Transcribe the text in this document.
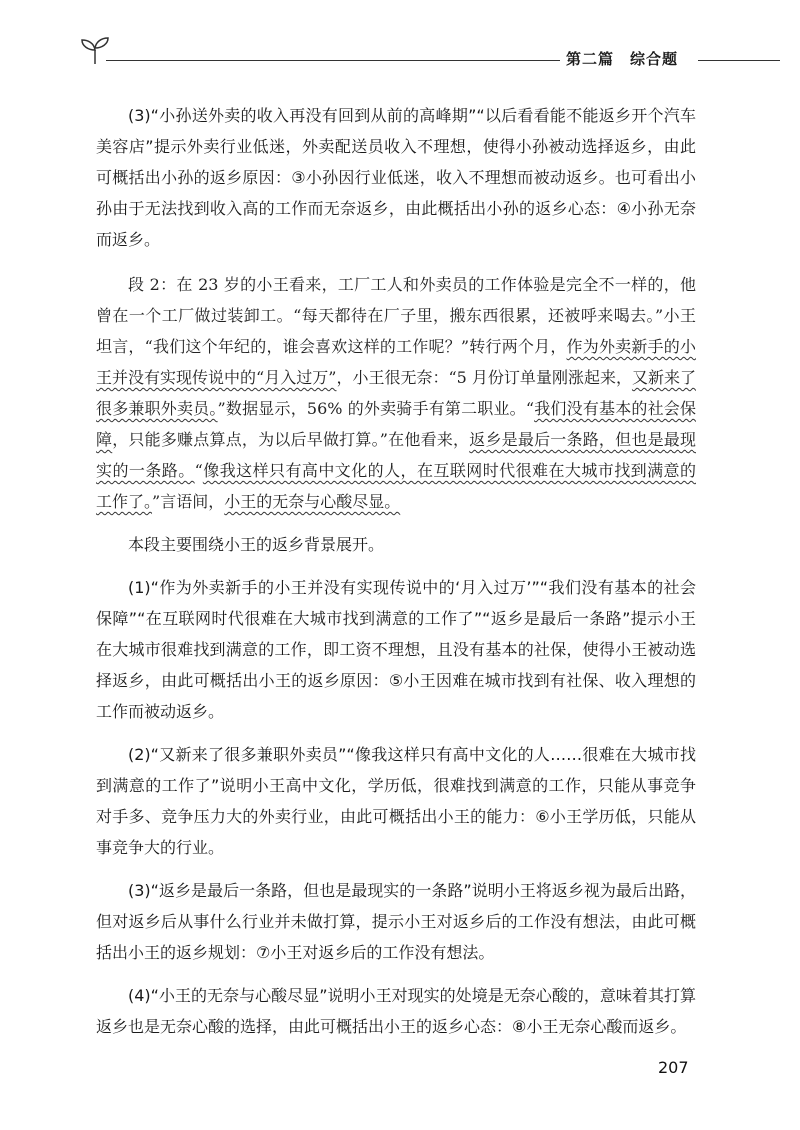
第二篇　综合题

(3)“小孙送外卖的收入再没有回到从前的高峰期”“以后看看能不能返乡开个汽车美容店”提示外卖行业低迷，外卖配送员收入不理想，使得小孙被动选择返乡，由此可概括出小孙的返乡原因：③小孙因行业低迷，收入不理想而被动返乡。也可看出小孙由于无法找到收入高的工作而无奈返乡，由此概括出小孙的返乡心态：④小孙无奈而返乡。

段 2：在 23 岁的小王看来，工厂工人和外卖员的工作体验是完全不一样的，他曾在一个工厂做过装卸工。“每天都待在厂子里，搬东西很累，还被呼来喝去。”小王坦言，“我们这个年纪的，谁会喜欢这样的工作呢？”转行两个月，作为外卖新手的小王并没有实现传说中的“月入过万”，小王很无奈：“5 月份订单量刚涨起来，又新来了很多兼职外卖员。”数据显示，56% 的外卖骑手有第二职业。“我们没有基本的社会保障，只能多赚点算点，为以后早做打算。”在他看来，返乡是最后一条路，但也是最现实的一条路。“像我这样只有高中文化的人，在互联网时代很难在大城市找到满意的工作了。”言语间，小王的无奈与心酸尽显。

本段主要围绕小王的返乡背景展开。

(1)“作为外卖新手的小王并没有实现传说中的‘月入过万’”“我们没有基本的社会保障”“在互联网时代很难在大城市找到满意的工作了”“返乡是最后一条路”提示小王在大城市很难找到满意的工作，即工资不理想，且没有基本的社保，使得小王被动选择返乡，由此可概括出小王的返乡原因：⑤小王因难在城市找到有社保、收入理想的工作而被动返乡。

(2)“又新来了很多兼职外卖员”“像我这样只有高中文化的人……很难在大城市找到满意的工作了”说明小王高中文化，学历低，很难找到满意的工作，只能从事竞争对手多、竞争压力大的外卖行业，由此可概括出小王的能力：⑥小王学历低，只能从事竞争大的行业。

(3)“返乡是最后一条路，但也是最现实的一条路”说明小王将返乡视为最后出路，但对返乡后从事什么行业并未做打算，提示小王对返乡后的工作没有想法，由此可概括出小王的返乡规划：⑦小王对返乡后的工作没有想法。

(4)“小王的无奈与心酸尽显”说明小王对现实的处境是无奈心酸的，意味着其打算返乡也是无奈心酸的选择，由此可概括出小王的返乡心态：⑧小王无奈心酸而返乡。

207
